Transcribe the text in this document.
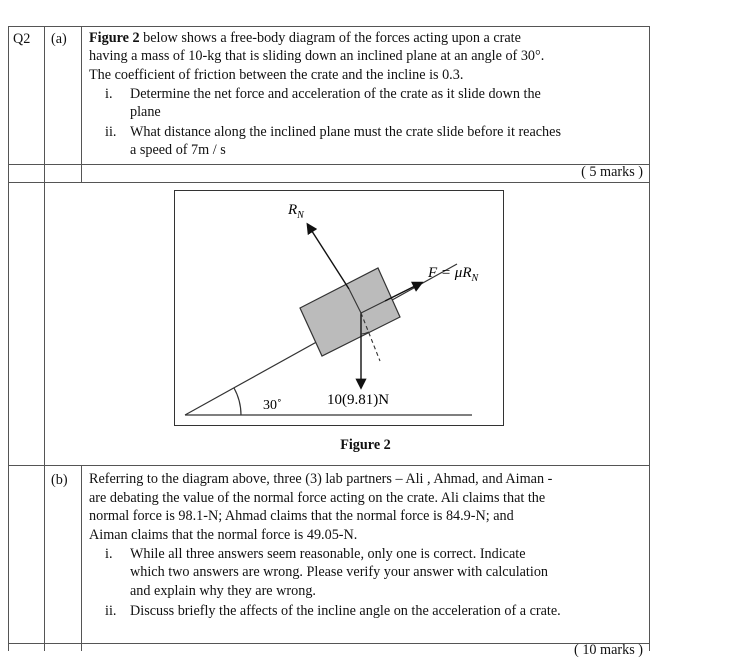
Q2 (a)
(b)
Figure 2 below shows a free-body diagram of the forces acting upon a crate
having a mass of 10-kg that is sliding down an inclined plane at an angle of 30°.
The coefficient of friction between the crate and the incline is 0.3.
i. Determine the net force and acceleration of the crate as it slide down the
plane
ii. What distance along the inclined plane must the crate slide before it reaches
a speed of 7m / s
( 5 marks )
$R_N$
$F = \mu R_N$
10(9.81)N
30˚
Figure 2
Referring to the diagram above, three (3) lab partners – Ali , Ahmad, and Aiman -
are debating the value of the normal force acting on the crate. Ali claims that the
normal force is 98.1-N; Ahmad claims that the normal force is 84.9-N; and
Aiman claims that the normal force is 49.05-N.
i. While all three answers seem reasonable, only one is correct. Indicate
which two answers are wrong. Please verify your answer with calculation
and explain why they are wrong.
ii. Discuss briefly the affects of the incline angle on the acceleration of a crate.
( 10 marks )
